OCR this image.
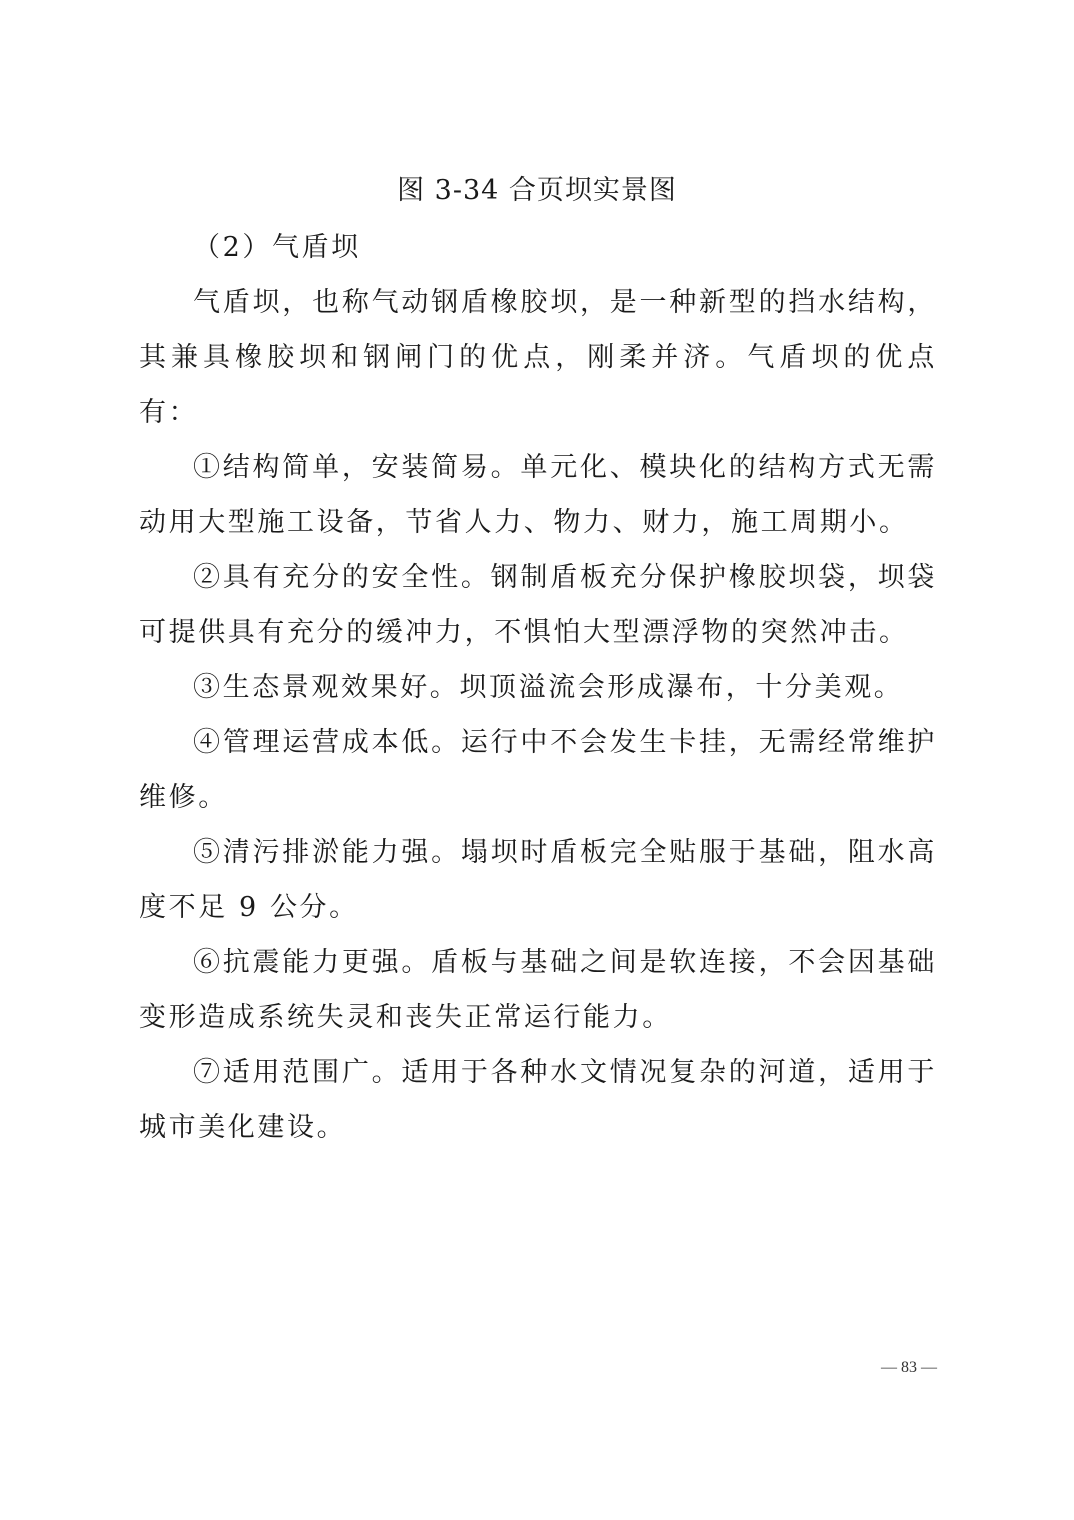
图 3-34 合页坝实景图

（2）气盾坝

气盾坝，也称气动钢盾橡胶坝，是一种新型的挡水结构，其兼具橡胶坝和钢闸门的优点，刚柔并济。气盾坝的优点有：

①结构简单，安装简易。单元化、模块化的结构方式无需动用大型施工设备，节省人力、物力、财力，施工周期小。

②具有充分的安全性。钢制盾板充分保护橡胶坝袋，坝袋可提供具有充分的缓冲力，不惧怕大型漂浮物的突然冲击。

③生态景观效果好。坝顶溢流会形成瀑布，十分美观。

④管理运营成本低。运行中不会发生卡挂，无需经常维护维修。

⑤清污排淤能力强。塌坝时盾板完全贴服于基础，阻水高度不足 9 公分。

⑥抗震能力更强。盾板与基础之间是软连接，不会因基础变形造成系统失灵和丧失正常运行能力。

⑦适用范围广。适用于各种水文情况复杂的河道，适用于城市美化建设。

— 83 —
